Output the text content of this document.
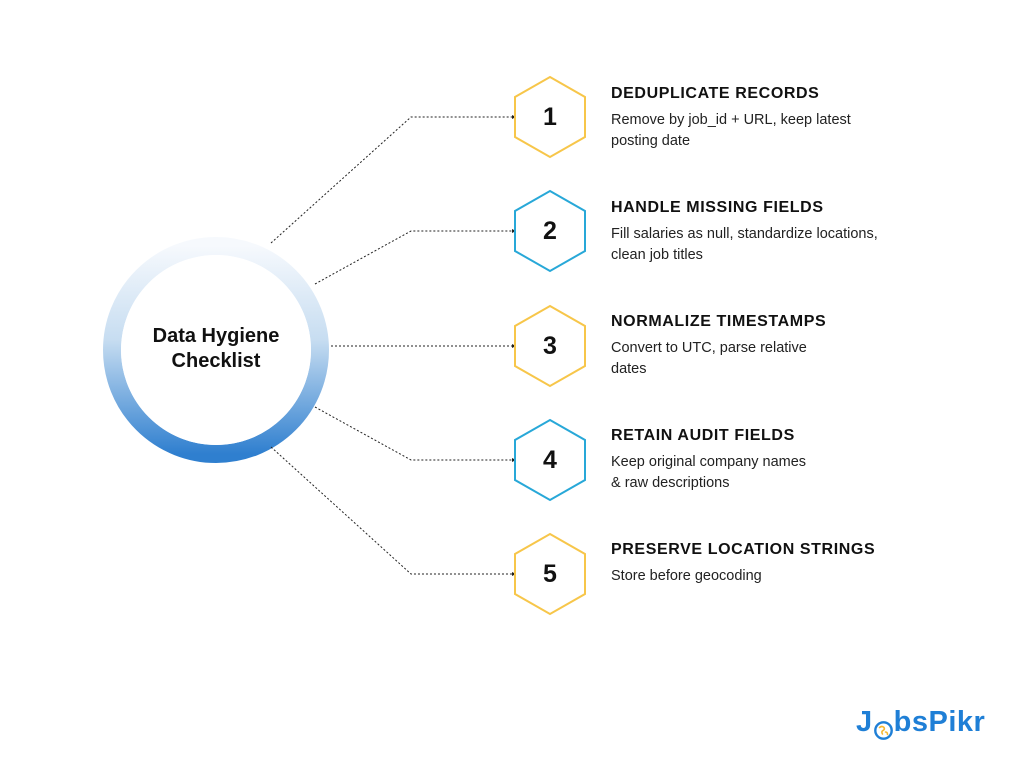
Data Hygiene
Checklist
1
2
3
4
5
DEDUPLICATE RECORDS
Remove by job_id + URL, keep latest
posting date
HANDLE MISSING FIELDS
Fill salaries as null, standardize locations,
clean job titles
NORMALIZE TIMESTAMPS
Convert to UTC, parse relative
dates
RETAIN AUDIT FIELDS
Keep original company names
& raw descriptions
PRESERVE LOCATION STRINGS
Store before geocoding
J bsPikr
